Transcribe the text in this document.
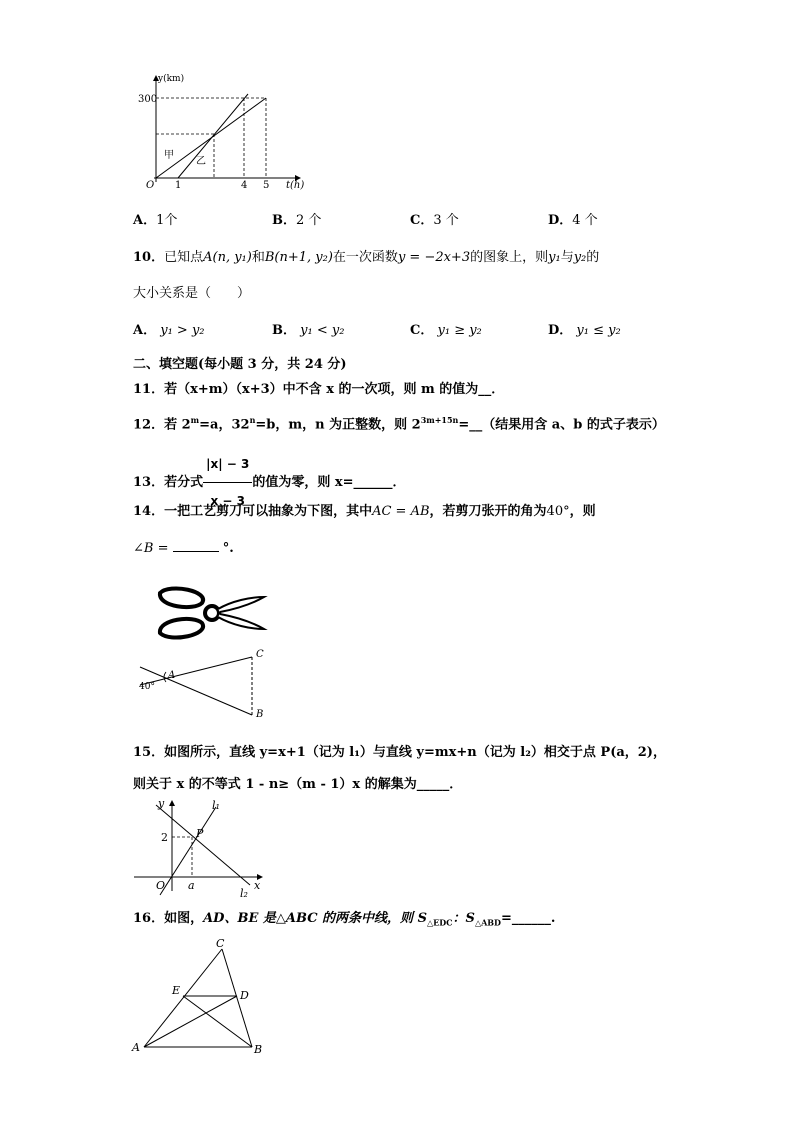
y(km)
t(h)
O
300
1	4 5
甲
乙
A．1个	B．2 个	C．3 个	D．4 个
10．已知点A(n, y₁)和B(n+1, y₂)在一次函数y = −2x+3的图象上，则y₁与y₂的
大小关系是（　　）
A． y₁ > y₂	B． y₁ < y₂	C． y₁ ≥ y₂	D． y₁ ≤ y₂
二、填空题(每小题 3 分，共 24 分)
11．若（x+m）（x+3）中不含 x 的一次项，则 m 的值为__．
12．若 $2^m=a$，$32^n=b$，m，n 为正整数，则 $2^{3m+15n}=\_\_$（结果用含 a、b 的式子表示）
13．若分式 $\frac{|x| - 3}{x - 3}$ 的值为零，则 x=______．
14．一把工艺剪刀可以抽象为下图，其中AC = AB，若剪刀张开的角为40°，则
∠B =	°.
A
C
B
40°
15．如图所示，直线 y=x+1（记为 l₁）与直线 y=mx+n（记为 l₂）相交于点 P(a，2)，
则关于 x 的不等式 1 - n≥（m - 1）x 的解集为_____．
y
x
O a
2	P
l₁
l₂
16．如图，AD、BE 是△ABC 的两条中线，则 $S_{\triangle EDC}$：$S_{\triangle ABD}=\_\_\_\_\_\_$.
A	B
C
D
E
